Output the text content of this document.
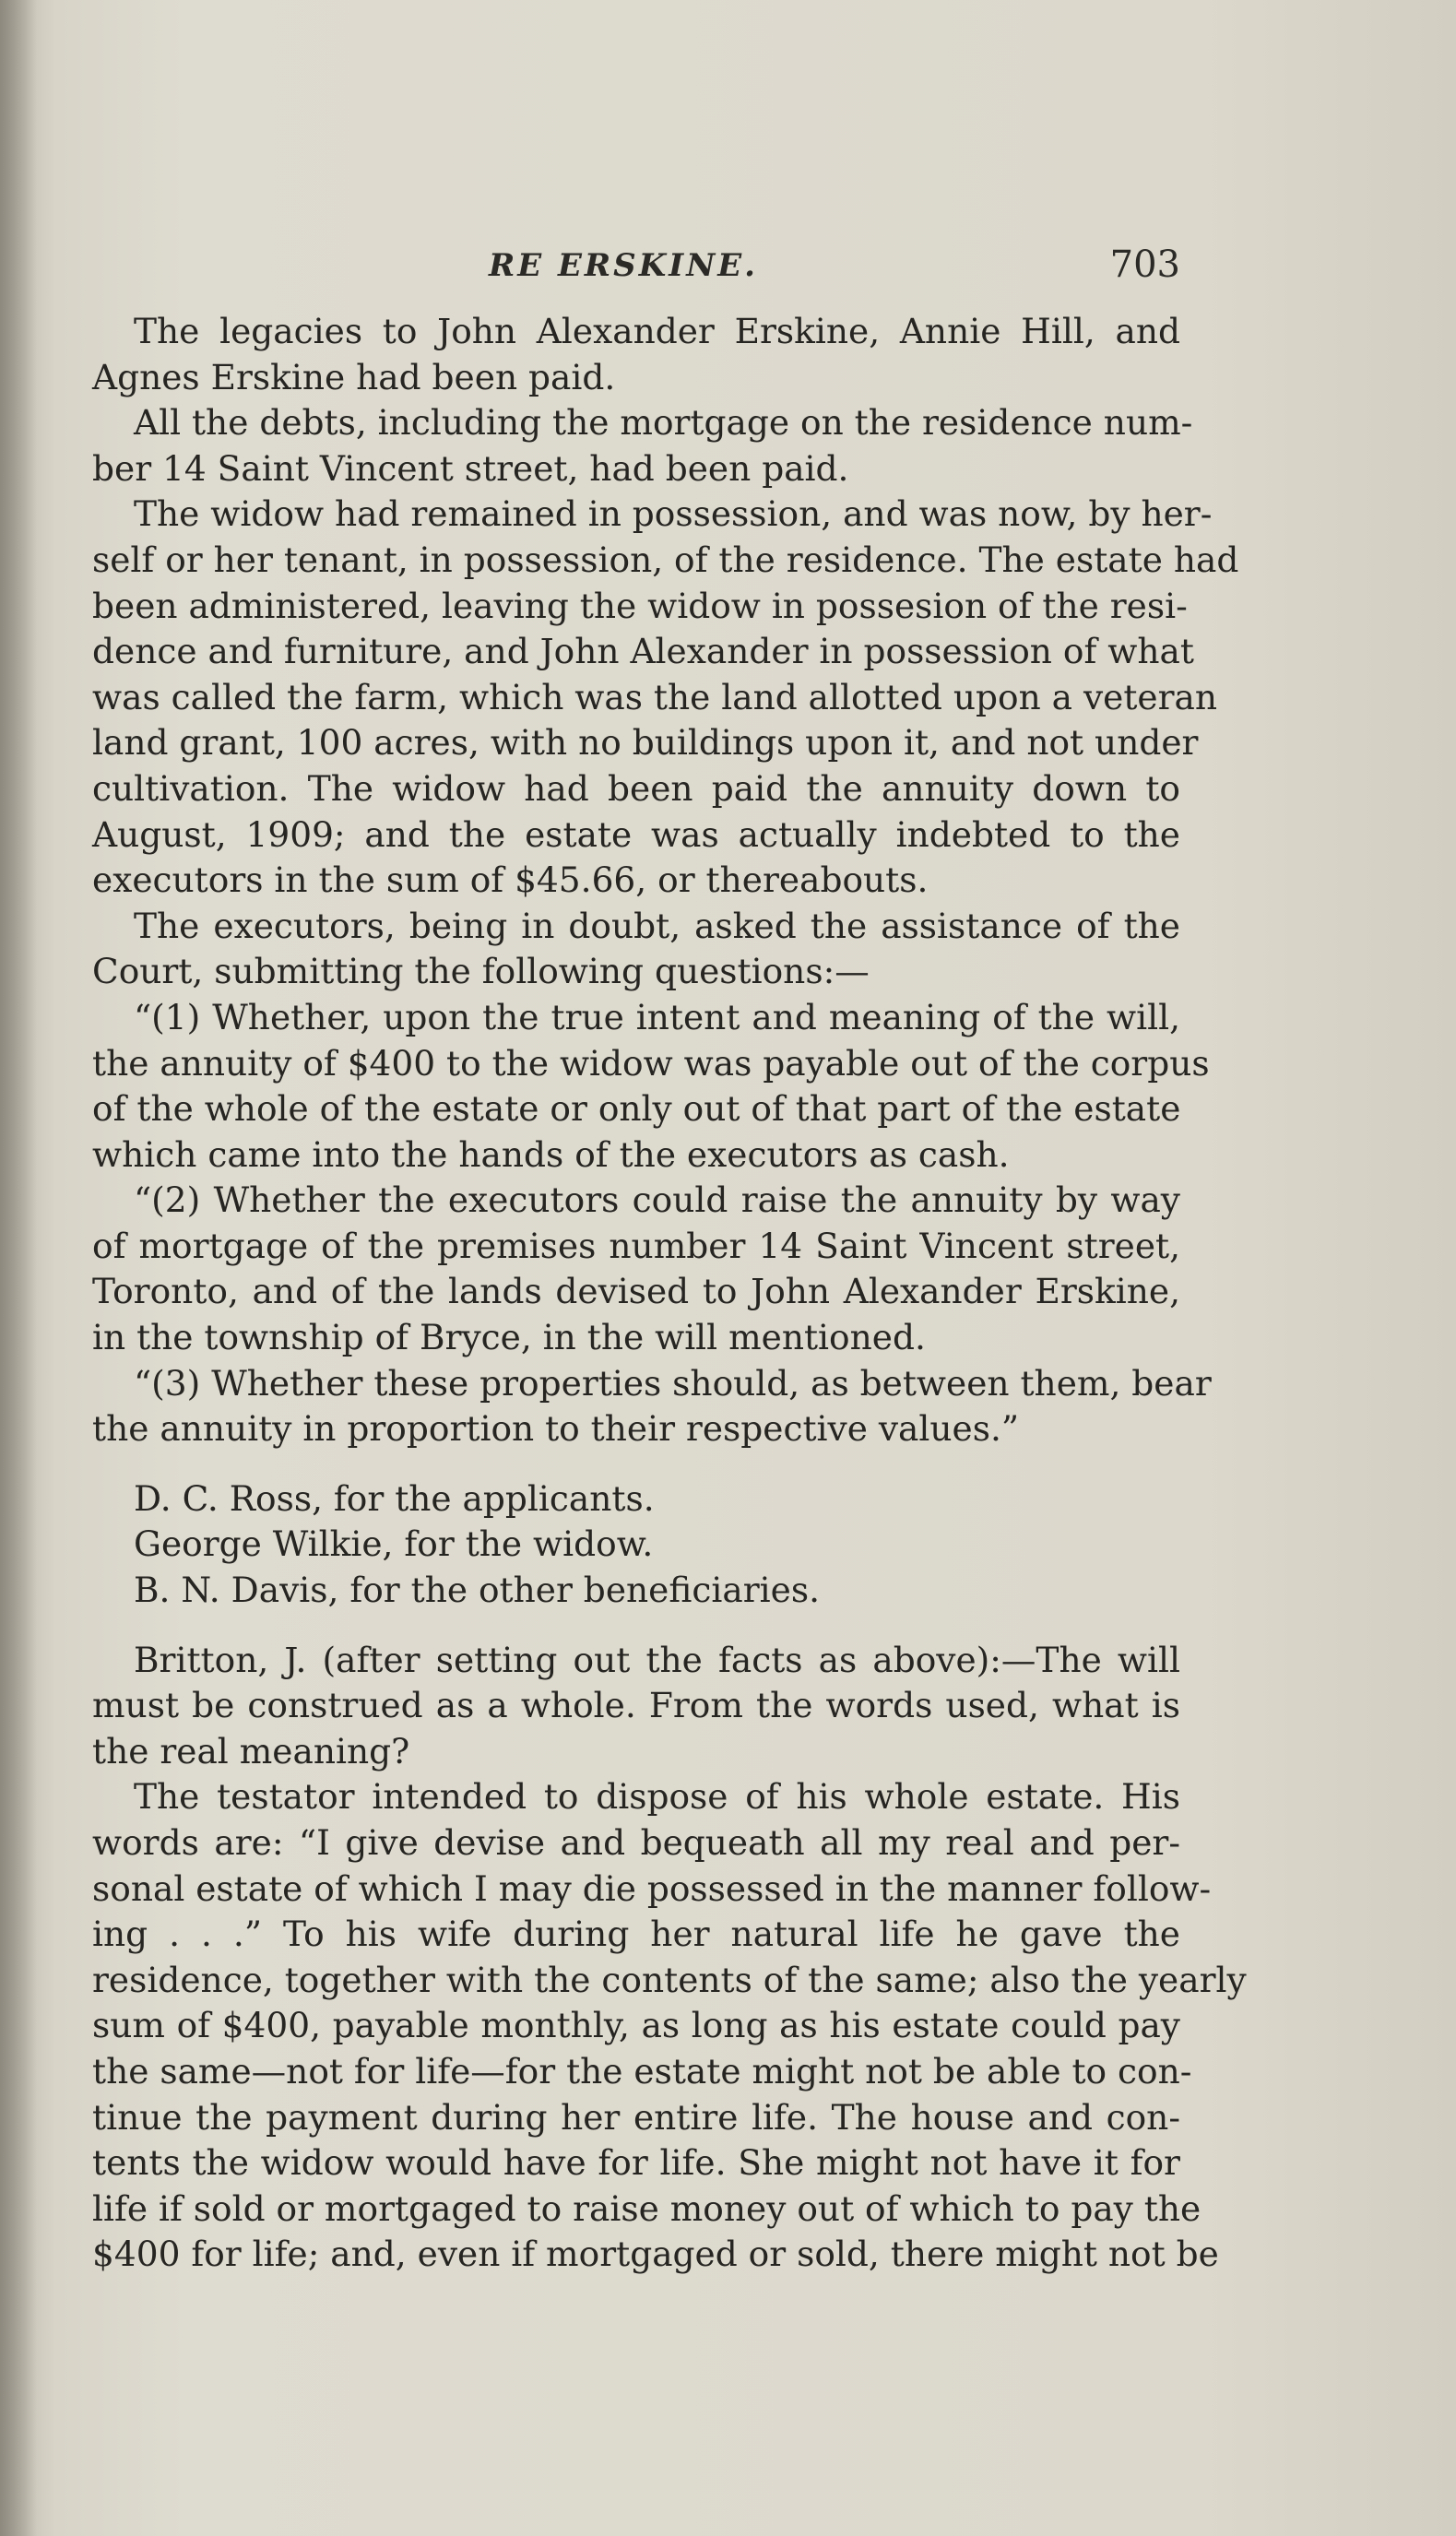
RE ERSKINE.	703
The legacies to John Alexander Erskine, Annie Hill, and
Agnes Erskine had been paid.
All the debts, including the mortgage on the residence num-
ber 14 Saint Vincent street, had been paid.
The widow had remained in possession, and was now, by her-
self or her tenant, in possession, of the residence. The estate had
been administered, leaving the widow in possesion of the resi-
dence and furniture, and John Alexander in possession of what
was called the farm, which was the land allotted upon a veteran
land grant, 100 acres, with no buildings upon it, and not under
cultivation. The widow had been paid the annuity down to
August, 1909; and the estate was actually indebted to the
executors in the sum of $45.66, or thereabouts.
The executors, being in doubt, asked the assistance of the
Court, submitting the following questions:—
“(1) Whether, upon the true intent and meaning of the will,
the annuity of $400 to the widow was payable out of the corpus
of the whole of the estate or only out of that part of the estate
which came into the hands of the executors as cash.
“(2) Whether the executors could raise the annuity by way
of mortgage of the premises number 14 Saint Vincent street,
Toronto, and of the lands devised to John Alexander Erskine,
in the township of Bryce, in the will mentioned.
“(3) Whether these properties should, as between them, bear
the annuity in proportion to their respective values.”
D. C. Ross, for the applicants.
George Wilkie, for the widow.
B. N. Davis, for the other beneficiaries.
Britton, J. (after setting out the facts as above):—The will
must be construed as a whole. From the words used, what is
the real meaning?
The testator intended to dispose of his whole estate. His
words are: “I give devise and bequeath all my real and per-
sonal estate of which I may die possessed in the manner follow-
ing . . .” To his wife during her natural life he gave the
residence, together with the contents of the same; also the yearly
sum of $400, payable monthly, as long as his estate could pay
the same—not for life—for the estate might not be able to con-
tinue the payment during her entire life. The house and con-
tents the widow would have for life. She might not have it for
life if sold or mortgaged to raise money out of which to pay the
$400 for life; and, even if mortgaged or sold, there might not be
